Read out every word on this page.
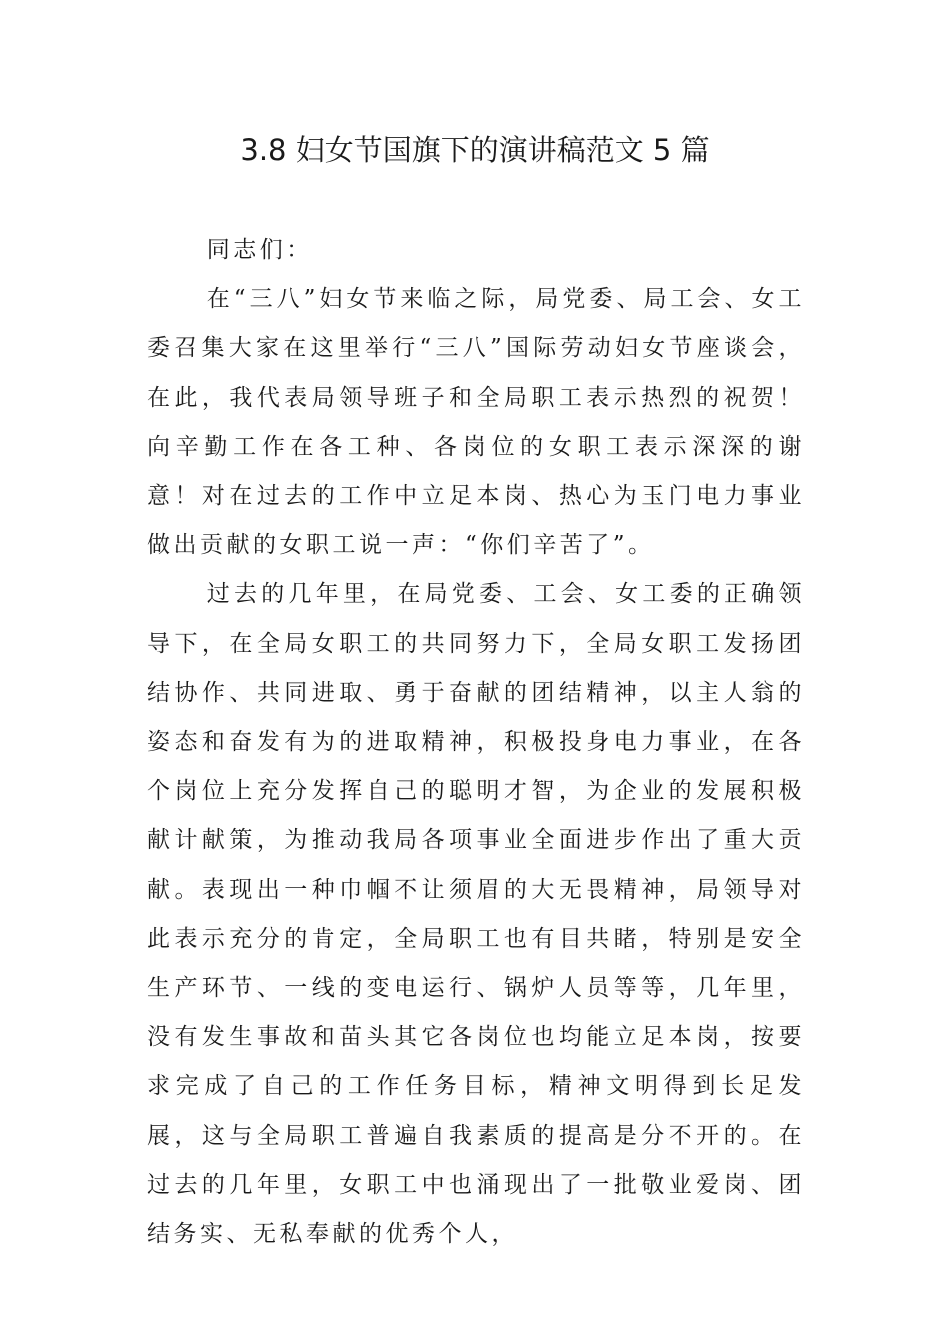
3.8 妇女节国旗下的演讲稿范文 5 篇

同志们：

在“三八”妇女节来临之际，局党委、局工会、女工委召集大家在这里举行“三八”国际劳动妇女节座谈会，在此，我代表局领导班子和全局职工表示热烈的祝贺！向辛勤工作在各工种、各岗位的女职工表示深深的谢意！对在过去的工作中立足本岗、热心为玉门电力事业做出贡献的女职工说一声：“你们辛苦了”。

过去的几年里，在局党委、工会、女工委的正确领导下，在全局女职工的共同努力下，全局女职工发扬团结协作、共同进取、勇于奋献的团结精神，以主人翁的姿态和奋发有为的进取精神，积极投身电力事业，在各个岗位上充分发挥自己的聪明才智，为企业的发展积极献计献策，为推动我局各项事业全面进步作出了重大贡献。表现出一种巾帼不让须眉的大无畏精神，局领导对此表示充分的肯定，全局职工也有目共睹，特别是安全生产环节、一线的变电运行、锅炉人员等等，几年里，没有发生事故和苗头其它各岗位也均能立足本岗，按要求完成了自己的工作任务目标，精神文明得到长足发展，这与全局职工普遍自我素质的提高是分不开的。在过去的几年里，女职工中也涌现出了一批敬业爱岗、团结务实、无私奉献的优秀个人，
